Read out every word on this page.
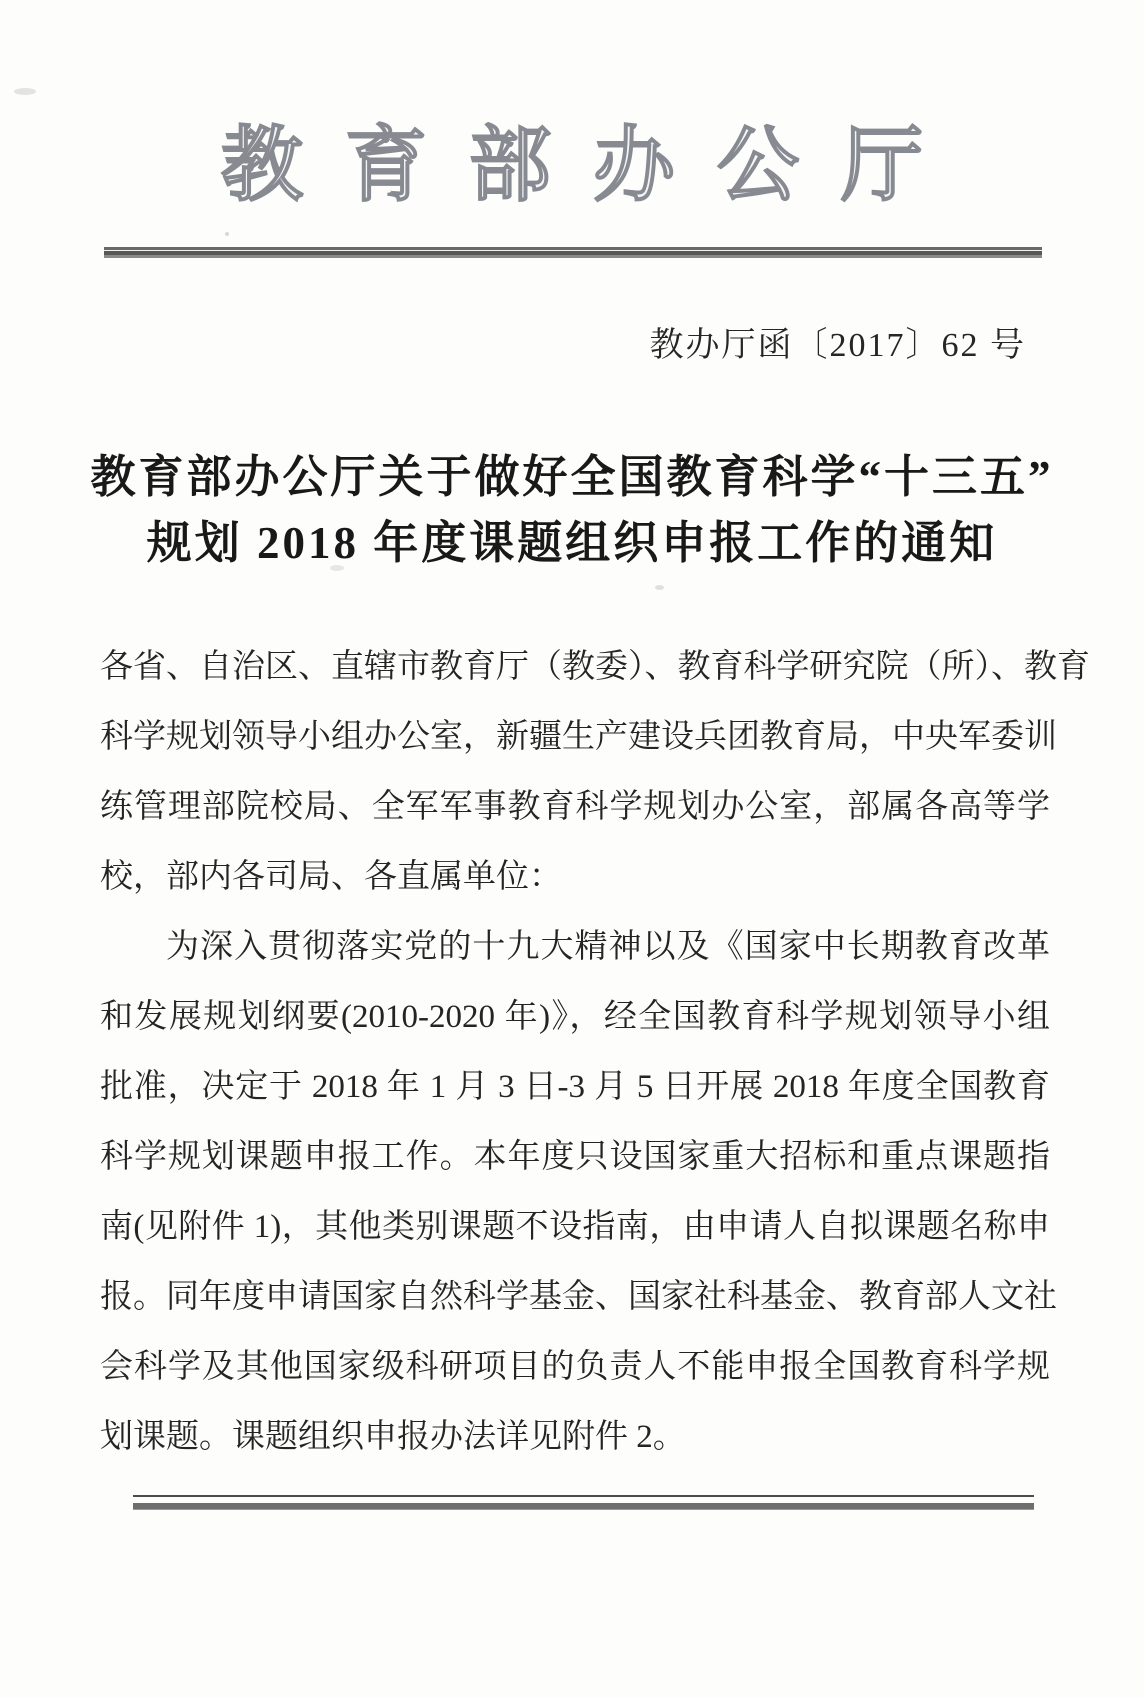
教育部办公厅
教办厅函〔2017〕62 号
教育部办公厅关于做好全国教育科学“十三五”
规划 2018 年度课题组织申报工作的通知
各省、自治区、直辖市教育厅（教委）、教育科学研究院（所）、教育
科学规划领导小组办公室，新疆生产建设兵团教育局，中央军委训
练管理部院校局、全军军事教育科学规划办公室，部属各高等学
校，部内各司局、各直属单位：
为深入贯彻落实党的十九大精神以及《国家中长期教育改革
和发展规划纲要(2010-2020 年)》，经全国教育科学规划领导小组
批准，决定于 2018 年 1 月 3 日-3 月 5 日开展 2018 年度全国教育
科学规划课题申报工作。本年度只设国家重大招标和重点课题指
南(见附件 1)，其他类别课题不设指南，由申请人自拟课题名称申
报。同年度申请国家自然科学基金、国家社科基金、教育部人文社
会科学及其他国家级科研项目的负责人不能申报全国教育科学规
划课题。课题组织申报办法详见附件 2。
